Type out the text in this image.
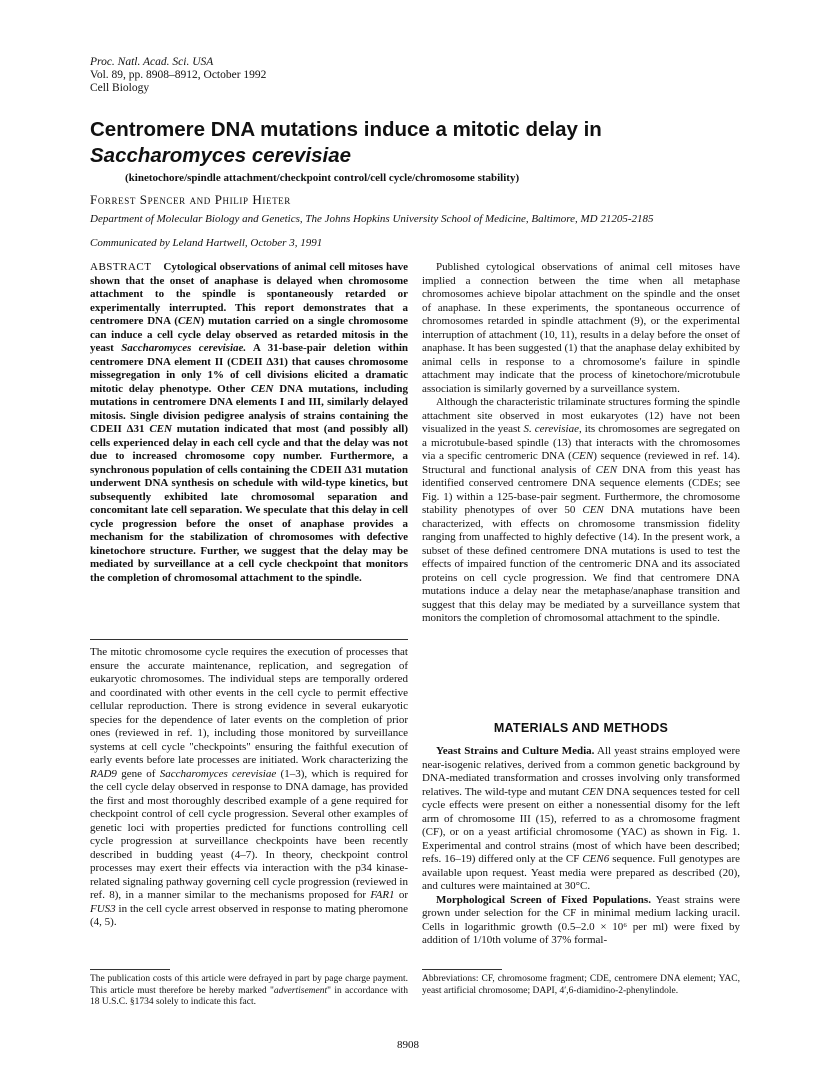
Proc. Natl. Acad. Sci. USA
Vol. 89, pp. 8908–8912, October 1992
Cell Biology
Centromere DNA mutations induce a mitotic delay in
Saccharomyces cerevisiae
(kinetochore/spindle attachment/checkpoint control/cell cycle/chromosome stability)
Forrest Spencer and Philip Hieter
Department of Molecular Biology and Genetics, The Johns Hopkins University School of Medicine, Baltimore, MD 21205-2185
Communicated by Leland Hartwell, October 3, 1991

ABSTRACT Cytological observations of animal cell mitoses have shown that the onset of anaphase is delayed when chromosome attachment to the spindle is spontaneously retarded or experimentally interrupted. This report demonstrates that a centromere DNA (CEN) mutation carried on a single chromosome can induce a cell cycle delay observed as retarded mitosis in the yeast Saccharomyces cerevisiae. A 31-base-pair deletion within centromere DNA element II (CDEII Δ31) that causes chromosome missegregation in only 1% of cell divisions elicited a dramatic mitotic delay phenotype. Other CEN DNA mutations, including mutations in centromere DNA elements I and III, similarly delayed mitosis. Single division pedigree analysis of strains containing the CDEII Δ31 CEN mutation indicated that most (and possibly all) cells experienced delay in each cell cycle and that the delay was not due to increased chromosome copy number. Furthermore, a synchronous population of cells containing the CDEII Δ31 mutation underwent DNA synthesis on schedule with wild-type kinetics, but subsequently exhibited late chromosomal separation and concomitant late cell separation. We speculate that this delay in cell cycle progression before the onset of anaphase provides a mechanism for the stabilization of chromosomes with defective kinetochore structure. Further, we suggest that the delay may be mediated by surveillance at a cell cycle checkpoint that monitors the completion of chromosomal attachment to the spindle.

The mitotic chromosome cycle requires the execution of processes that ensure the accurate maintenance, replication, and segregation of eukaryotic chromosomes. The individual steps are temporally ordered and coordinated with other events in the cell cycle to permit effective cellular reproduction. There is strong evidence in several eukaryotic species for the dependence of later events on the completion of prior ones (reviewed in ref. 1), including those monitored by surveillance systems at cell cycle "checkpoints" ensuring the faithful execution of early events before late processes are initiated. Work characterizing the RAD9 gene of Saccharomyces cerevisiae (1–3), which is required for the cell cycle delay observed in response to DNA damage, has provided the first and most thoroughly described example of a gene required for checkpoint control of cell cycle progression. Several other examples of genetic loci with properties predicted for functions controlling cell cycle progression at surveillance checkpoints have been recently described in budding yeast (4–7). In theory, checkpoint control processes may exert their effects via interaction with the p34 kinase-related signaling pathway governing cell cycle progression (reviewed in ref. 8), in a manner similar to the mechanisms proposed for FAR1 or FUS3 in the cell cycle arrest observed in response to mating pheromone (4, 5).

Published cytological observations of animal cell mitoses have implied a connection between the time when all metaphase chromosomes achieve bipolar attachment on the spindle and the onset of anaphase. In these experiments, the spontaneous occurrence of chromosomes retarded in spindle attachment (9), or the experimental interruption of attachment (10, 11), results in a delay before the onset of anaphase. It has been suggested (1) that the anaphase delay exhibited by animal cells in response to a chromosome's failure in spindle attachment may indicate that the process of kinetochore/microtubule association is similarly governed by a surveillance system.

Although the characteristic trilaminate structures forming the spindle attachment site observed in most eukaryotes (12) have not been visualized in the yeast S. cerevisiae, its chromosomes are segregated on a microtubule-based spindle (13) that interacts with the chromosomes via a specific centromeric DNA (CEN) sequence (reviewed in ref. 14). Structural and functional analysis of CEN DNA from this yeast has identified conserved centromere DNA sequence elements (CDEs; see Fig. 1) within a 125-base-pair segment. Furthermore, the chromosome stability phenotypes of over 50 CEN DNA mutations have been characterized, with effects on chromosome transmission fidelity ranging from unaffected to highly defective (14). In the present work, a subset of these defined centromere DNA mutations is used to test the effects of impaired function of the centromeric DNA and its associated proteins on cell cycle progression. We find that centromere DNA mutations induce a delay near the metaphase/anaphase transition and suggest that this delay may be mediated by a surveillance system that monitors the completion of chromosomal attachment to the spindle.

MATERIALS AND METHODS

Yeast Strains and Culture Media. All yeast strains employed were near-isogenic relatives, derived from a common genetic background by DNA-mediated transformation and crosses involving only transformed relatives. The wild-type and mutant CEN DNA sequences tested for cell cycle effects were present on either a nonessential disomy for the left arm of chromosome III (15), referred to as a chromosome fragment (CF), or on a yeast artificial chromosome (YAC) as shown in Fig. 1. Experimental and control strains (most of which have been described; refs. 16–19) differed only at the CF CEN6 sequence. Full genotypes are available upon request. Yeast media were prepared as described (20), and cultures were maintained at 30°C.

Morphological Screen of Fixed Populations. Yeast strains were grown under selection for the CF in minimal medium lacking uracil. Cells in logarithmic growth (0.5–2.0 × 10⁶ per ml) were fixed by addition of 1/10th volume of 37% formal-

The publication costs of this article were defrayed in part by page charge payment. This article must therefore be hereby marked "advertisement" in accordance with 18 U.S.C. §1734 solely to indicate this fact.
Abbreviations: CF, chromosome fragment; CDE, centromere DNA element; YAC, yeast artificial chromosome; DAPI, 4′,6-diamidino-2-phenylindole.
8908
